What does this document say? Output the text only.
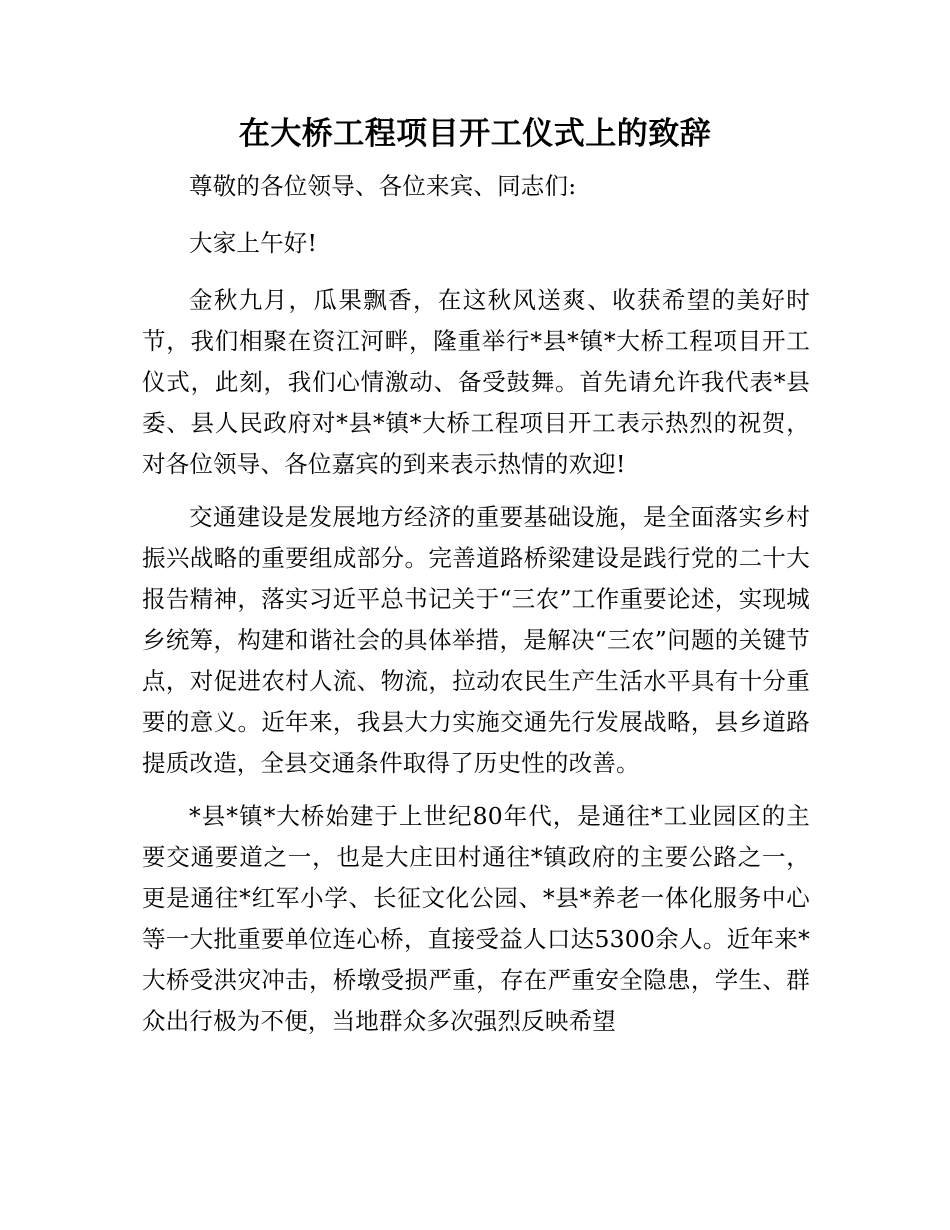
在大桥工程项目开工仪式上的致辞

尊敬的各位领导、各位来宾、同志们:

大家上午好!

金秋九月，瓜果飘香，在这秋风送爽、收获希望的美好时节，我们相聚在资江河畔，隆重举行*县*镇*大桥工程项目开工仪式，此刻，我们心情激动、备受鼓舞。首先请允许我代表*县委、县人民政府对*县*镇*大桥工程项目开工表示热烈的祝贺，对各位领导、各位嘉宾的到来表示热情的欢迎!

交通建设是发展地方经济的重要基础设施，是全面落实乡村振兴战略的重要组成部分。完善道路桥梁建设是践行党的二十大报告精神，落实习近平总书记关于“三农”工作重要论述，实现城乡统筹，构建和谐社会的具体举措，是解决“三农”问题的关键节点，对促进农村人流、物流，拉动农民生产生活水平具有十分重要的意义。近年来，我县大力实施交通先行发展战略，县乡道路提质改造，全县交通条件取得了历史性的改善。

*县*镇*大桥始建于上世纪80年代，是通往*工业园区的主要交通要道之一，也是大庄田村通往*镇政府的主要公路之一，更是通往*红军小学、长征文化公园、*县*养老一体化服务中心等一大批重要单位连心桥，直接受益人口达5300余人。近年来*大桥受洪灾冲击，桥墩受损严重，存在严重安全隐患，学生、群众出行极为不便，当地群众多次强烈反映希望
